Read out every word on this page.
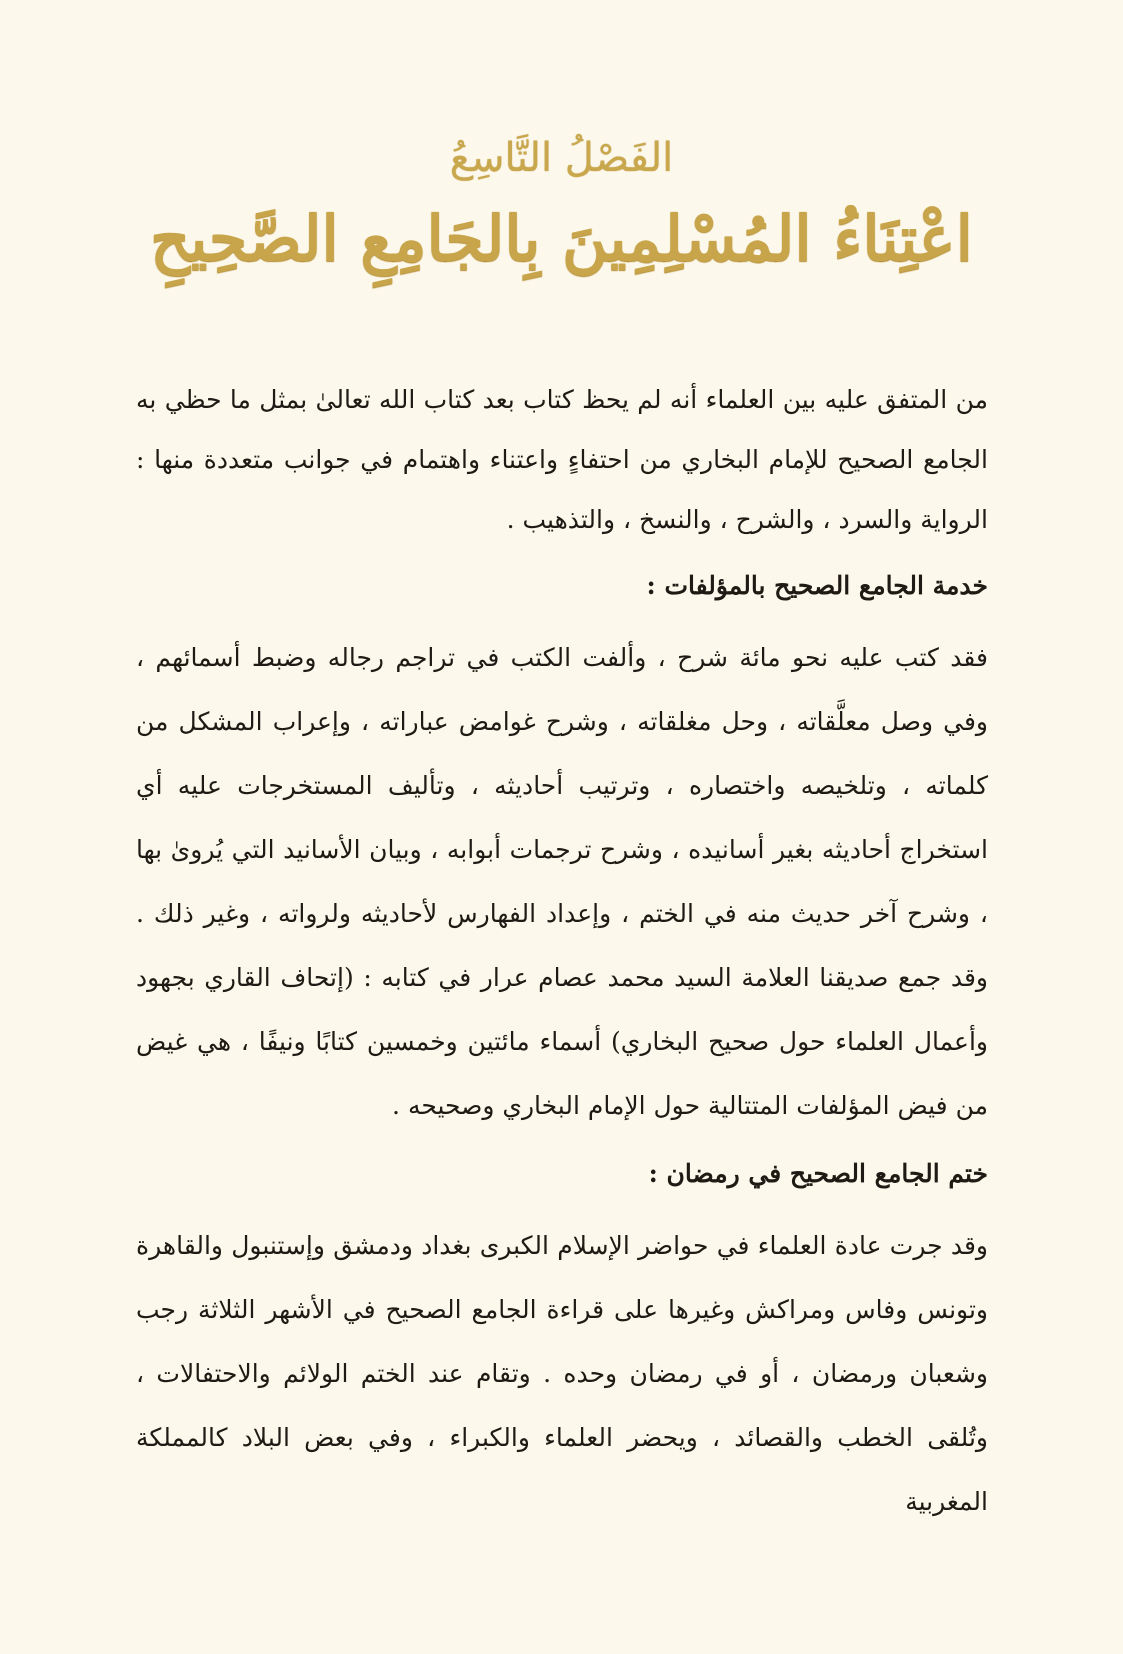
الفَصْلُ التَّاسِعُ
اعْتِنَاءُ المُسْلِمِينَ بِالجَامِعِ الصَّحِيحِ

من المتفق عليه بين العلماء أنه لم يحظ كتاب بعد كتاب الله تعالىٰ بمثل ما حظي به الجامع الصحيح للإمام البخاري من احتفاءٍ واعتناء واهتمام في جوانب متعددة منها : الرواية والسرد ، والشرح ، والنسخ ، والتذهيب .

خدمة الجامع الصحيح بالمؤلفات :

فقد كتب عليه نحو مائة شرح ، وألفت الكتب في تراجم رجاله وضبط أسمائهم ، وفي وصل معلَّقاته ، وحل مغلقاته ، وشرح غوامض عباراته ، وإعراب المشكل من كلماته ، وتلخيصه واختصاره ، وترتيب أحاديثه ، وتأليف المستخرجات عليه أي استخراج أحاديثه بغير أسانيده ، وشرح ترجمات أبوابه ، وبيان الأسانيد التي يُروىٰ بها ، وشرح آخر حديث منه في الختم ، وإعداد الفهارس لأحاديثه ولرواته ، وغير ذلك . وقد جمع صديقنا العلامة السيد محمد عصام عرار في كتابه : (إتحاف القاري بجهود وأعمال العلماء حول صحيح البخاري) أسماء مائتين وخمسين كتابًا ونيفًا ، هي غيض من فيض المؤلفات المتتالية حول الإمام البخاري وصحيحه .

ختم الجامع الصحيح في رمضان :

وقد جرت عادة العلماء في حواضر الإسلام الكبرى بغداد ودمشق وإستنبول والقاهرة وتونس وفاس ومراكش وغيرها على قراءة الجامع الصحيح في الأشهر الثلاثة رجب وشعبان ورمضان ، أو في رمضان وحده . وتقام عند الختم الولائم والاحتفالات ، وتُلقى الخطب والقصائد ، ويحضر العلماء والكبراء ، وفي بعض البلاد كالمملكة المغربية
